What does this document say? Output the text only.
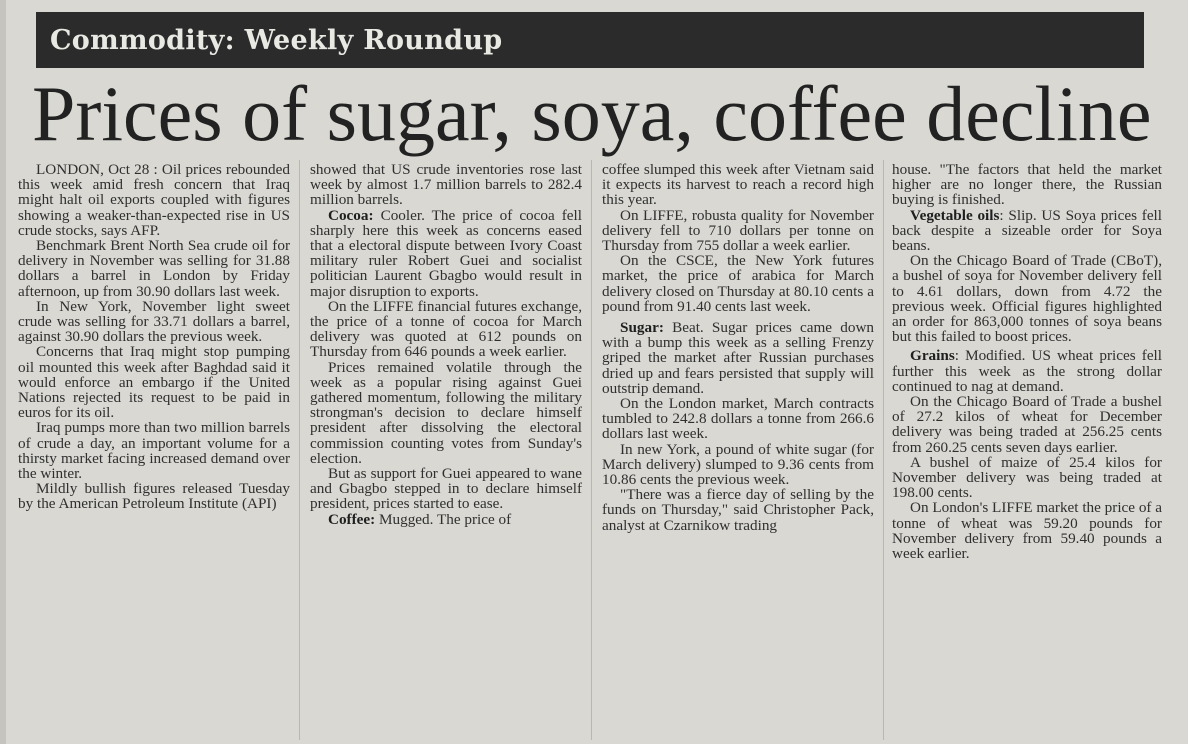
Commodity: Weekly Roundup
Prices of sugar, soya, coffee decline

LONDON, Oct 28 : Oil prices rebounded this week amid fresh concern that Iraq might halt oil exports coupled with figures showing a weaker-than-expected rise in US crude stocks, says AFP.

Benchmark Brent North Sea crude oil for delivery in November was selling for 31.88 dollars a barrel in London by Friday afternoon, up from 30.90 dollars last week.

In New York, November light sweet crude was selling for 33.71 dollars a barrel, against 30.90 dollars the previous week.

Concerns that Iraq might stop pumping oil mounted this week after Baghdad said it would enforce an embargo if the United Nations rejected its request to be paid in euros for its oil.

Iraq pumps more than two million barrels of crude a day, an important volume for a thirsty market facing increased demand over the winter.

Mildly bullish figures released Tuesday by the American Petroleum Institute (API)

showed that US crude inventories rose last week by almost 1.7 million barrels to 282.4 million barrels.

Cocoa: Cooler. The price of cocoa fell sharply here this week as concerns eased that a electoral dispute between Ivory Coast military ruler Robert Guei and socialist politician Laurent Gbagbo would result in major disruption to exports.

On the LIFFE financial futures exchange, the price of a tonne of cocoa for March delivery was quoted at 612 pounds on Thursday from 646 pounds a week earlier.

Prices remained volatile through the week as a popular rising against Guei gathered momentum, following the military strongman's decision to declare himself president after dissolving the electoral commission counting votes from Sunday's election.

But as support for Guei appeared to wane and Gbagbo stepped in to declare himself president, prices started to ease.

Coffee: Mugged. The price of

coffee slumped this week after Vietnam said it expects its harvest to reach a record high this year.

On LIFFE, robusta quality for November delivery fell to 710 dollars per tonne on Thursday from 755 dollar a week earlier.

On the CSCE, the New York futures market, the price of arabica for March delivery closed on Thursday at 80.10 cents a pound from 91.40 cents last week.

Sugar: Beat. Sugar prices came down with a bump this week as a selling Frenzy griped the market after Russian purchases dried up and fears persisted that supply will outstrip demand.

On the London market, March contracts tumbled to 242.8 dollars a tonne from 266.6 dollars last week.

In new York, a pound of white sugar (for March delivery) slumped to 9.36 cents from 10.86 cents the previous week.

"There was a fierce day of selling by the funds on Thursday," said Christopher Pack, analyst at Czarnikow trading

house. "The factors that held the market higher are no longer there, the Russian buying is finished.

Vegetable oils: Slip. US Soya prices fell back despite a sizeable order for Soya beans.

On the Chicago Board of Trade (CBoT), a bushel of soya for November delivery fell to 4.61 dollars, down from 4.72 the previous week. Official figures highlighted an order for 863,000 tonnes of soya beans but this failed to boost prices.

Grains: Modified. US wheat prices fell further this week as the strong dollar continued to nag at demand.

On the Chicago Board of Trade a bushel of 27.2 kilos of wheat for December delivery was being traded at 256.25 cents from 260.25 cents seven days earlier.

A bushel of maize of 25.4 kilos for November delivery was being traded at 198.00 cents.

On London's LIFFE market the price of a tonne of wheat was 59.20 pounds for November delivery from 59.40 pounds a week earlier.
